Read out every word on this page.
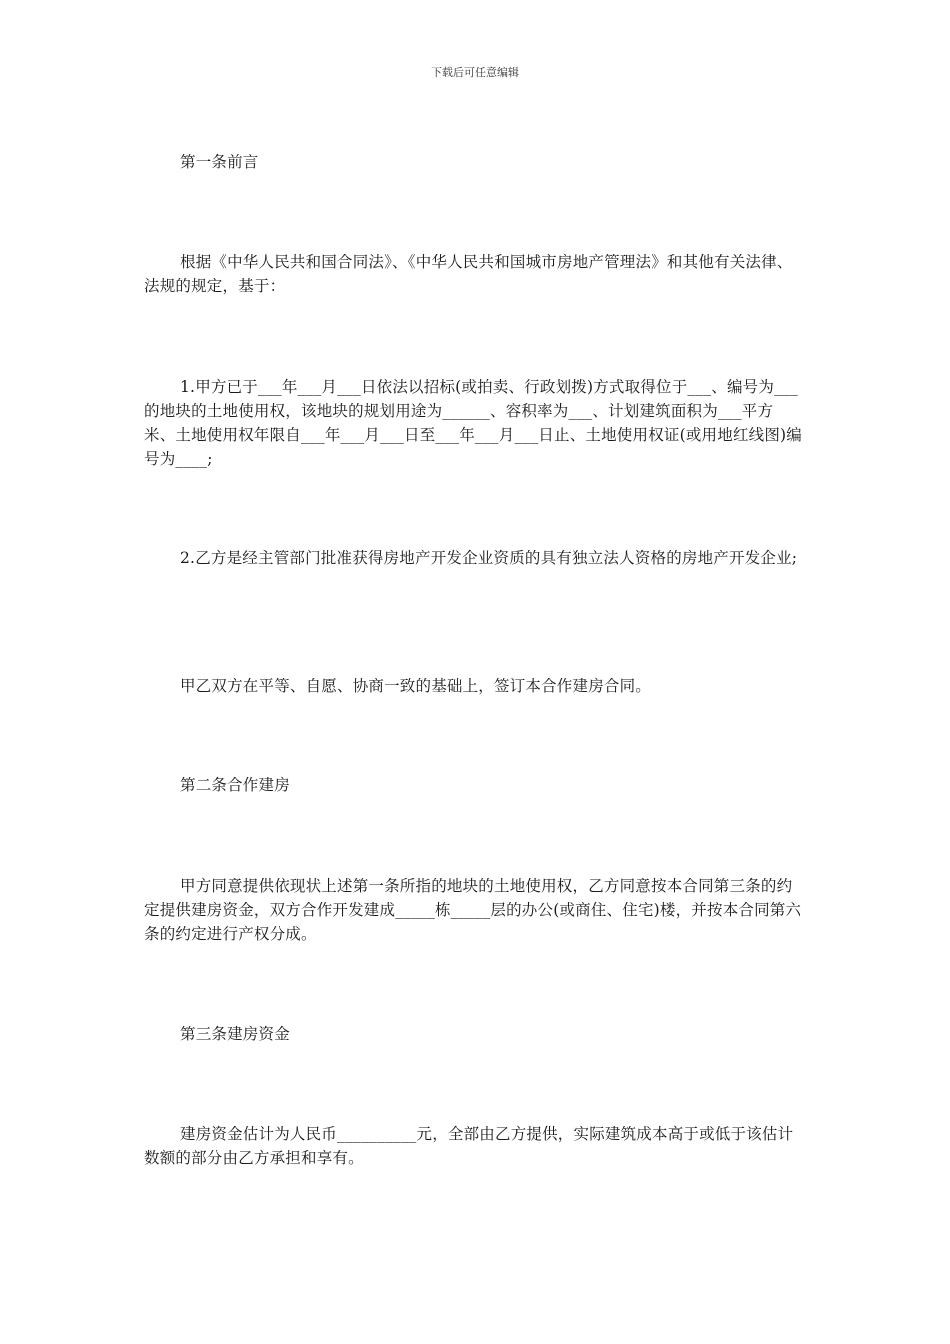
下载后可任意编辑

第一条前言

根据《中华人民共和国合同法》、《中华人民共和国城市房地产管理法》和其他有关法律、法规的规定，基于：

1.甲方已于___年___月___日依法以招标(或拍卖、行政划拨)方式取得位于___、编号为___的地块的土地使用权，该地块的规划用途为______、容积率为___、计划建筑面积为___平方米、土地使用权年限自___年___月___日至___年___月___日止、土地使用权证(或用地红线图)编号为____;

2.乙方是经主管部门批准获得房地产开发企业资质的具有独立法人资格的房地产开发企业;

甲乙双方在平等、自愿、协商一致的基础上，签订本合作建房合同。

第二条合作建房

甲方同意提供依现状上述第一条所指的地块的土地使用权，乙方同意按本合同第三条的约定提供建房资金，双方合作开发建成_____栋_____层的办公(或商住、住宅)楼，并按本合同第六条的约定进行产权分成。

第三条建房资金

建房资金估计为人民币__________元，全部由乙方提供，实际建筑成本高于或低于该估计数额的部分由乙方承担和享有。
